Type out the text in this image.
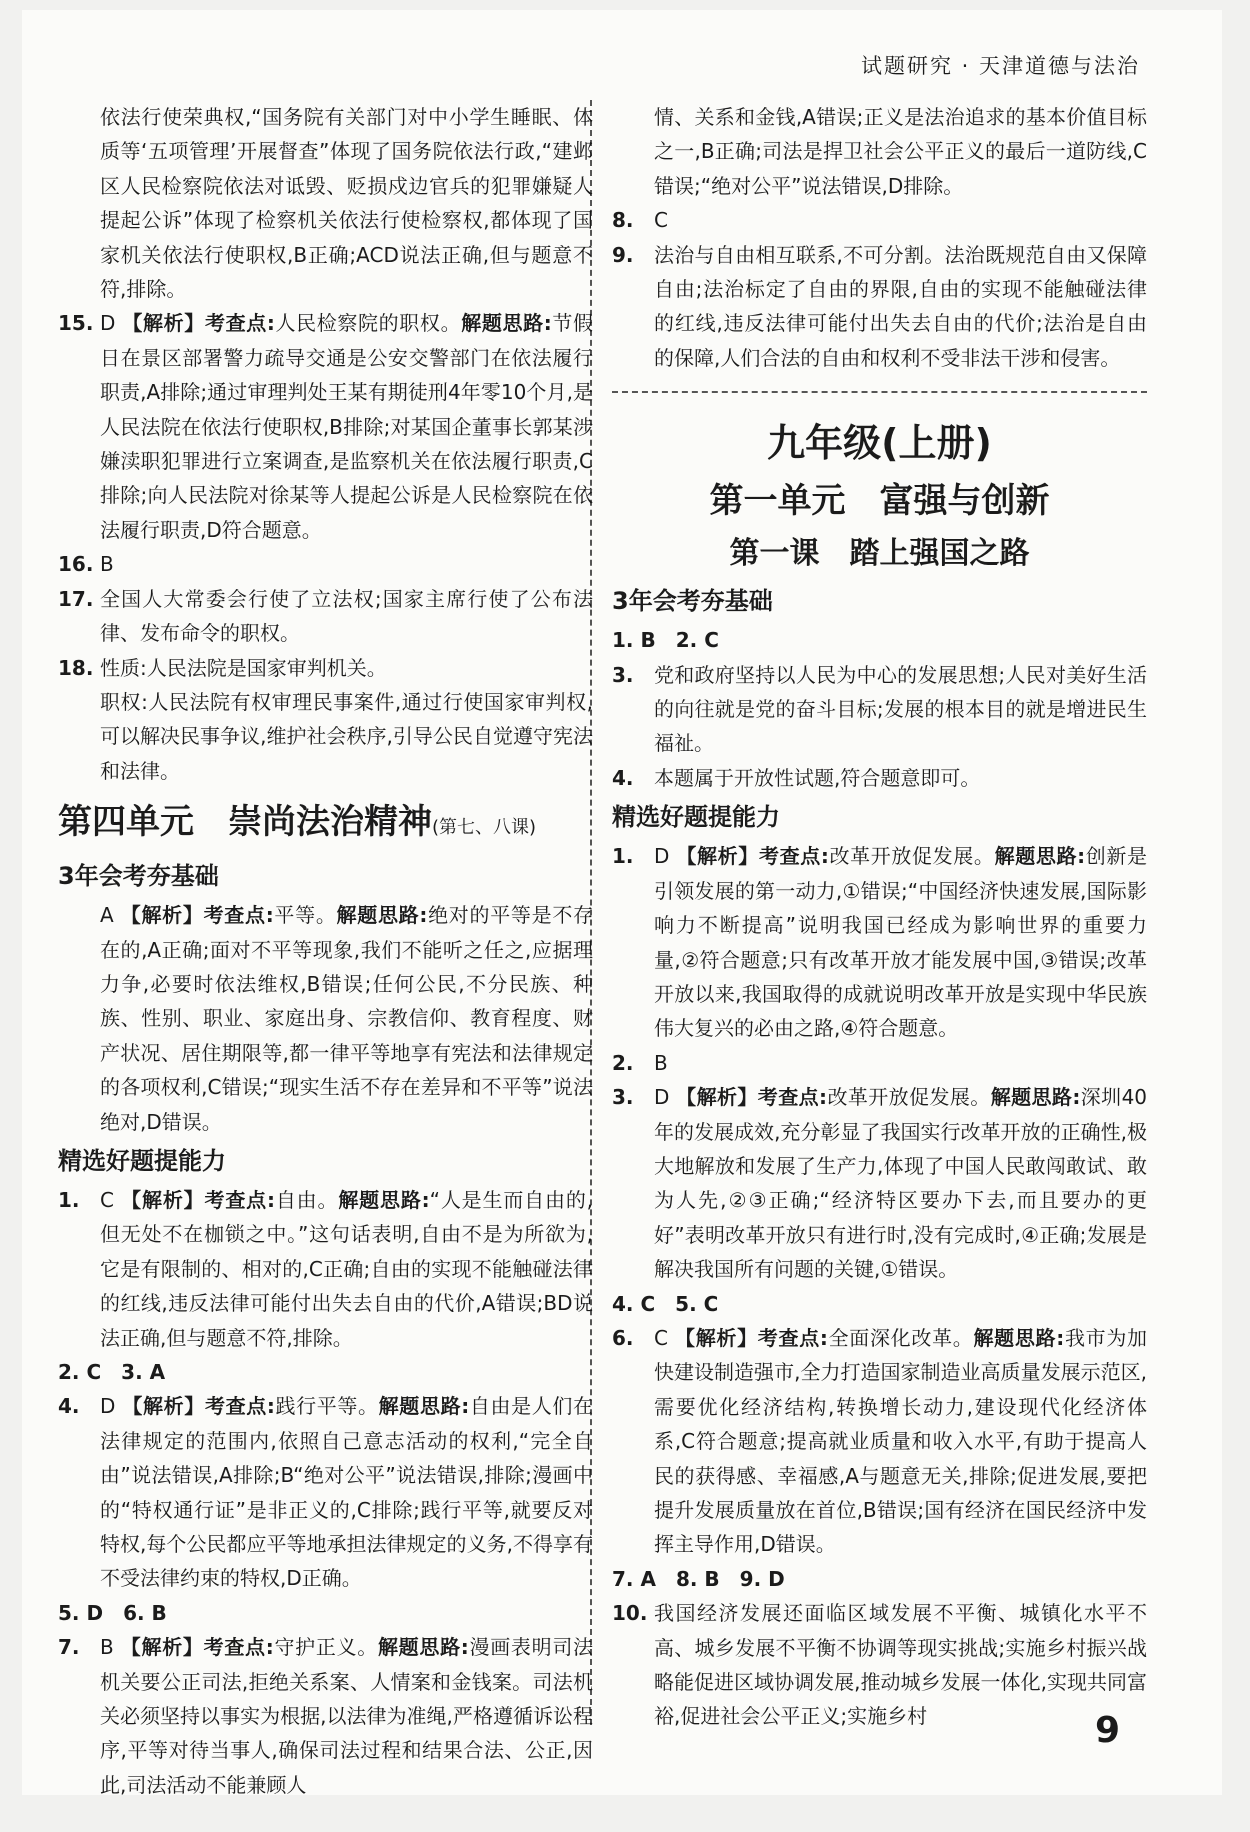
试题研究 · 天津道德与法治

依法行使荣典权,“国务院有关部门对中小学生睡眠、体质等‘五项管理’开展督查”体现了国务院依法行政,“建邺区人民检察院依法对诋毁、贬损戍边官兵的犯罪嫌疑人提起公诉”体现了检察机关依法行使检察权,都体现了国家机关依法行使职权,B正确;ACD说法正确,但与题意不符,排除。

15. D 【解析】考查点:人民检察院的职权。解题思路:节假日在景区部署警力疏导交通是公安交警部门在依法履行职责,A排除;通过审理判处王某有期徒刑4年零10个月,是人民法院在依法行使职权,B排除;对某国企董事长郭某涉嫌渎职犯罪进行立案调查,是监察机关在依法履行职责,C排除;向人民法院对徐某等人提起公诉是人民检察院在依法履行职责,D符合题意。
16. B
17. 全国人大常委会行使了立法权;国家主席行使了公布法律、发布命令的职权。
18. 性质:人民法院是国家审判机关。
职权:人民法院有权审理民事案件,通过行使国家审判权,可以解决民事争议,维护社会秩序,引导公民自觉遵守宪法和法律。
第四单元　崇尚法治精神(第七、八课)
3年会考夯基础

A 【解析】考查点:平等。解题思路:绝对的平等是不存在的,A正确;面对不平等现象,我们不能听之任之,应据理力争,必要时依法维权,B错误;任何公民,不分民族、种族、性别、职业、家庭出身、宗教信仰、教育程度、财产状况、居住期限等,都一律平等地享有宪法和法律规定的各项权利,C错误;“现实生活不存在差异和不平等”说法绝对,D错误。

精选好题提能力
1.	C 【解析】考查点:自由。解题思路:“人是生而自由的,但无处不在枷锁之中。”这句话表明,自由不是为所欲为,它是有限制的、相对的,C正确;自由的实现不能触碰法律的红线,违反法律可能付出失去自由的代价,A错误;BD说法正确,但与题意不符,排除。
2. C　3. A
4.	D 【解析】考查点:践行平等。解题思路:自由是人们在法律规定的范围内,依照自己意志活动的权利,“完全自由”说法错误,A排除;B“绝对公平”说法错误,排除;漫画中的“特权通行证”是非正义的,C排除;践行平等,就要反对特权,每个公民都应平等地承担法律规定的义务,不得享有不受法律约束的特权,D正确。
5. D　6. B
7.	B 【解析】考查点:守护正义。解题思路:漫画表明司法机关要公正司法,拒绝关系案、人情案和金钱案。司法机关必须坚持以事实为根据,以法律为准绳,严格遵循诉讼程序,平等对待当事人,确保司法过程和结果合法、公正,因此,司法活动不能兼顾人

情、关系和金钱,A错误;正义是法治追求的基本价值目标之一,B正确;司法是捍卫社会公平正义的最后一道防线,C错误;“绝对公平”说法错误,D排除。

8.	C
9.	法治与自由相互联系,不可分割。法治既规范自由又保障自由;法治标定了自由的界限,自由的实现不能触碰法律的红线,违反法律可能付出失去自由的代价;法治是自由的保障,人们合法的自由和权利不受非法干涉和侵害。
九年级(上册)
第一单元　富强与创新
第一课　踏上强国之路
3年会考夯基础
1. B　2. C
3.	党和政府坚持以人民为中心的发展思想;人民对美好生活的向往就是党的奋斗目标;发展的根本目的就是增进民生福祉。
4.	本题属于开放性试题,符合题意即可。
精选好题提能力
1.	D 【解析】考查点:改革开放促发展。解题思路:创新是引领发展的第一动力,①错误;“中国经济快速发展,国际影响力不断提高”说明我国已经成为影响世界的重要力量,②符合题意;只有改革开放才能发展中国,③错误;改革开放以来,我国取得的成就说明改革开放是实现中华民族伟大复兴的必由之路,④符合题意。
2.	B
3.	D 【解析】考查点:改革开放促发展。解题思路:深圳40年的发展成效,充分彰显了我国实行改革开放的正确性,极大地解放和发展了生产力,体现了中国人民敢闯敢试、敢为人先,②③正确;“经济特区要办下去,而且要办的更好”表明改革开放只有进行时,没有完成时,④正确;发展是解决我国所有问题的关键,①错误。
4. C　5. C
6.	C 【解析】考查点:全面深化改革。解题思路:我市为加快建设制造强市,全力打造国家制造业高质量发展示范区,需要优化经济结构,转换增长动力,建设现代化经济体系,C符合题意;提高就业质量和收入水平,有助于提高人民的获得感、幸福感,A与题意无关,排除;促进发展,要把提升发展质量放在首位,B错误;国有经济在国民经济中发挥主导作用,D错误。
7. A　8. B　9. D
10. 我国经济发展还面临区域发展不平衡、城镇化水平不高、城乡发展不平衡不协调等现实挑战;实施乡村振兴战略能促进区域协调发展,推动城乡发展一体化,实现共同富裕,促进社会公平正义;实施乡村	9
